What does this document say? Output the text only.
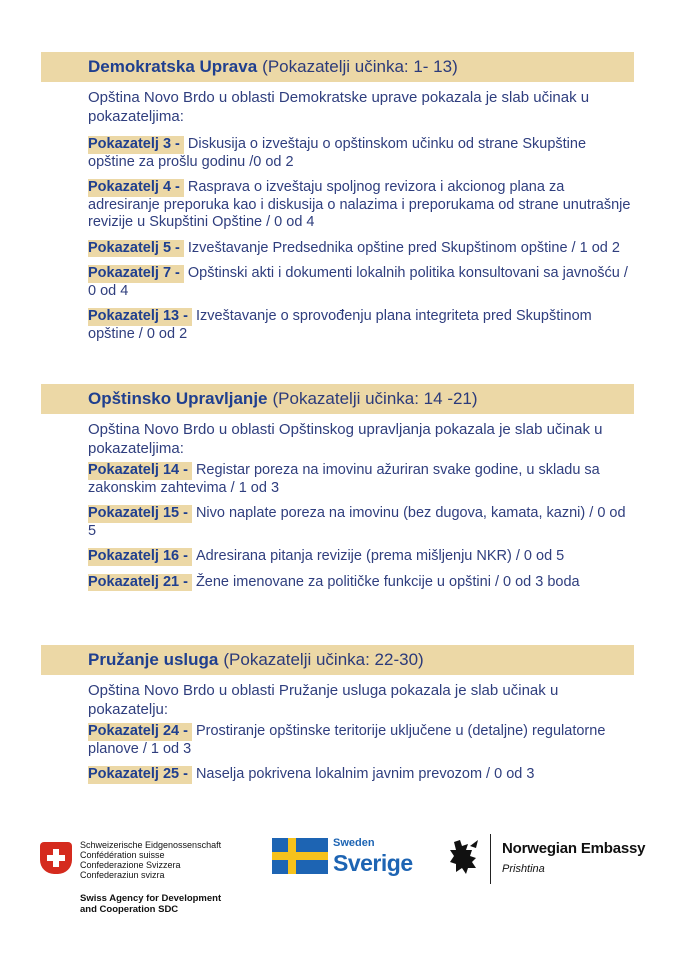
Demokratska Uprava (Pokazatelji učinka: 1- 13)
Opština Novo Brdo u oblasti Demokratske uprave pokazala je slab učinak u pokazateljima:
Pokazatelj 3 - Diskusija o izveštaju o opštinskom učinku od strane Skupštine opštine za prošlu godinu /0 od 2
Pokazatelj 4 - Rasprava o izveštaju spoljnog revizora i akcionog plana za adresiranje preporuka kao i diskusija o nalazima i preporukama od strane unutrašnje revizije u Skupštini Opštine / 0 od 4
Pokazatelj 5 - Izveštavanje Predsednika opštine pred Skupštinom opštine / 1 od 2
Pokazatelj 7 - Opštinski akti i dokumenti lokalnih politika konsultovani sa javnošću / 0 od 4
Pokazatelj 13 - Izveštavanje o sprovođenju plana integriteta pred Skupštinom opštine / 0 od 2
Opštinsko Upravljanje (Pokazatelji učinka: 14 -21)
Opština Novo Brdo u oblasti Opštinskog upravljanja pokazala je slab učinak u pokazateljima:
Pokazatelj 14 - Registar poreza na imovinu ažuriran svake godine, u skladu sa zakonskim zahtevima / 1 od 3
Pokazatelj 15 - Nivo naplate poreza na imovinu (bez dugova, kamata, kazni) / 0 od 5
Pokazatelj 16 - Adresirana pitanja revizije (prema mišljenju NKR) / 0 od 5
Pokazatelj 21 - Žene imenovane za političke funkcije u opštini / 0 od 3 boda
Pružanje usluga (Pokazatelji učinka: 22-30)
Opština Novo Brdo u oblasti Pružanje usluga pokazala je slab učinak u pokazatelju:
Pokazatelj 24 - Prostiranje opštinske teritorije uključene u (detaljne) regulatorne planove / 1 od 3
Pokazatelj 25 - Naselja pokrivena lokalnim javnim prevozom / 0 od 3
Schweizerische Eidgenossenschaft
Confédération suisse
Confederazione Svizzera
Confederaziun svizra
Swiss Agency for Development
and Cooperation SDC
Sweden
Sverige
Norwegian Embassy
Prishtina
